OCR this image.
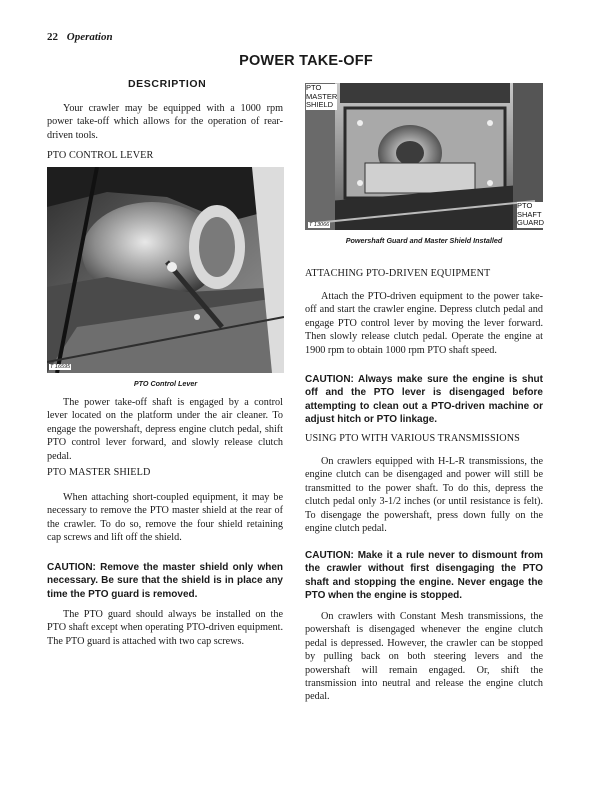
22 Operation
POWER TAKE-OFF
DESCRIPTION

Your crawler may be equipped with a 1000 rpm power take-off which allows for the operation of rear-driven tools.

PTO CONTROL LEVER
T 16595
PTO Control Lever

The power take-off shaft is engaged by a control lever located on the platform under the air cleaner. To engage the powershaft, depress engine clutch pedal, shift PTO control lever forward, and slowly release clutch pedal.

PTO MASTER SHIELD

When attaching short-coupled equipment, it may be necessary to remove the PTO master shield at the rear of the crawler. To do so, remove the four shield retaining cap screws and lift off the shield.

CAUTION: Remove the master shield only when necessary. Be sure that the shield is in place any time the PTO guard is removed.

The PTO guard should always be installed on the PTO shaft except when operating PTO-driven equipment. The PTO guard is attached with two cap screws.

PTO
MASTER
SHIELD
PTO
SHAFT
GUARD
T 13066
Powershaft Guard and Master Shield Installed
ATTACHING PTO-DRIVEN EQUIPMENT

Attach the PTO-driven equipment to the power take-off and start the crawler engine. Depress clutch pedal and engage PTO control lever by moving the lever forward. Then slowly release clutch pedal. Operate the engine at 1900 rpm to obtain 1000 rpm PTO shaft speed.

CAUTION: Always make sure the engine is shut off and the PTO lever is disengaged before attempting to clean out a PTO-driven machine or adjust hitch or PTO linkage.
USING PTO WITH VARIOUS TRANSMISSIONS

On crawlers equipped with H-L-R transmissions, the engine clutch can be disengaged and power will still be transmitted to the power shaft. To do this, depress the clutch pedal only 3-1/2 inches (or until resistance is felt). To disengage the powershaft, press down fully on the engine clutch pedal.

CAUTION: Make it a rule never to dismount from the crawler without first disengaging the PTO shaft and stopping the engine. Never engage the PTO when the engine is stopped.

On crawlers with Constant Mesh transmissions, the powershaft is disengaged whenever the engine clutch pedal is depressed. However, the crawler can be stopped by pulling back on both steering levers and the powershaft will remain engaged. Or, shift the transmission into neutral and release the engine clutch pedal.
